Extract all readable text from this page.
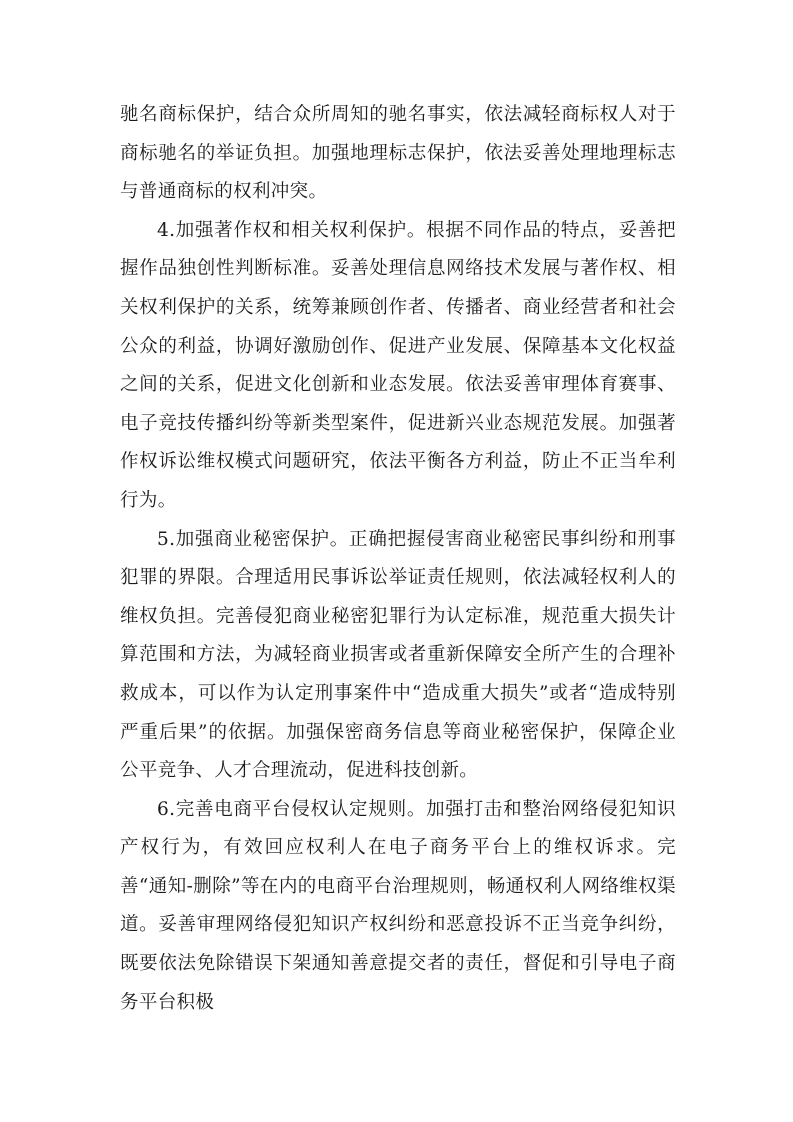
驰名商标保护，结合众所周知的驰名事实，依法减轻商标权人对于商标驰名的举证负担。加强地理标志保护，依法妥善处理地理标志与普通商标的权利冲突。

4.加强著作权和相关权利保护。根据不同作品的特点，妥善把握作品独创性判断标准。妥善处理信息网络技术发展与著作权、相关权利保护的关系，统筹兼顾创作者、传播者、商业经营者和社会公众的利益，协调好激励创作、促进产业发展、保障基本文化权益之间的关系，促进文化创新和业态发展。依法妥善审理体育赛事、电子竞技传播纠纷等新类型案件，促进新兴业态规范发展。加强著作权诉讼维权模式问题研究，依法平衡各方利益，防止不正当牟利行为。

5.加强商业秘密保护。正确把握侵害商业秘密民事纠纷和刑事犯罪的界限。合理适用民事诉讼举证责任规则，依法减轻权利人的维权负担。完善侵犯商业秘密犯罪行为认定标准，规范重大损失计算范围和方法，为减轻商业损害或者重新保障安全所产生的合理补救成本，可以作为认定刑事案件中“造成重大损失”或者“造成特别严重后果”的依据。加强保密商务信息等商业秘密保护，保障企业公平竞争、人才合理流动，促进科技创新。

6.完善电商平台侵权认定规则。加强打击和整治网络侵犯知识产权行为，有效回应权利人在电子商务平台上的维权诉求。完善“通知-删除”等在内的电商平台治理规则，畅通权利人网络维权渠道。妥善审理网络侵犯知识产权纠纷和恶意投诉不正当竞争纠纷，既要依法免除错误下架通知善意提交者的责任，督促和引导电子商务平台积极
